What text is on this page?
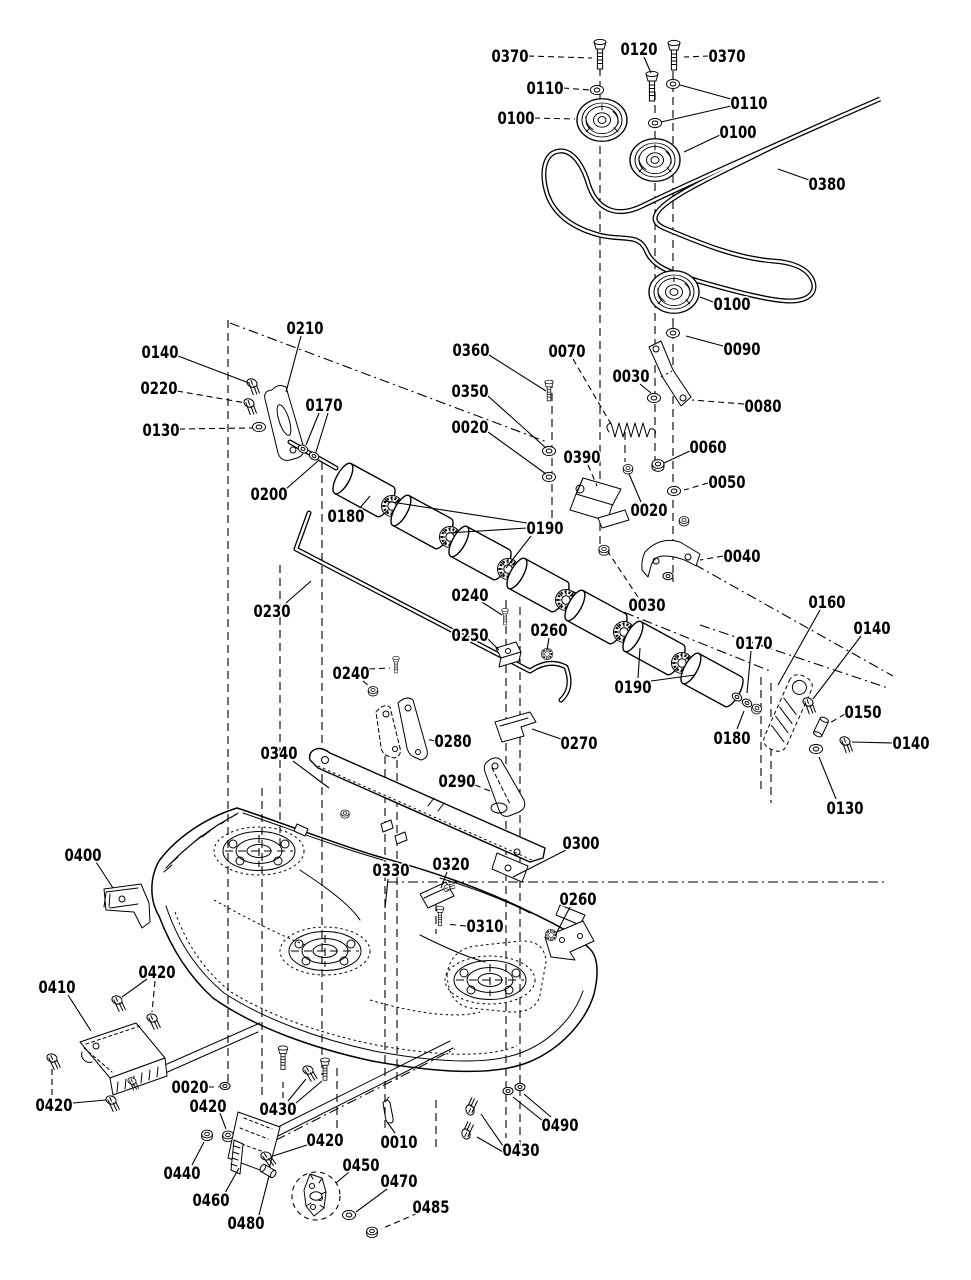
0370	0120	0370
0110
0100
0110
0100
0380
0100
0210
0140
0220
0130
0170
0200
0180
0360
0350
0020
0070
0030
0090
0080
0390	0060
0050
0020
0040
0030
0190
0190
0160
0140
0170
0150
0140
0130
0180
0230
0240
0250 0260
0240
0280	0270
0340
0290
0300
0330 0320
0310
0260
0400
0410
0420
0420
0020
0420 0430
0010
0490
0430
0420
0440	0450
0460
0470
0480
0485
